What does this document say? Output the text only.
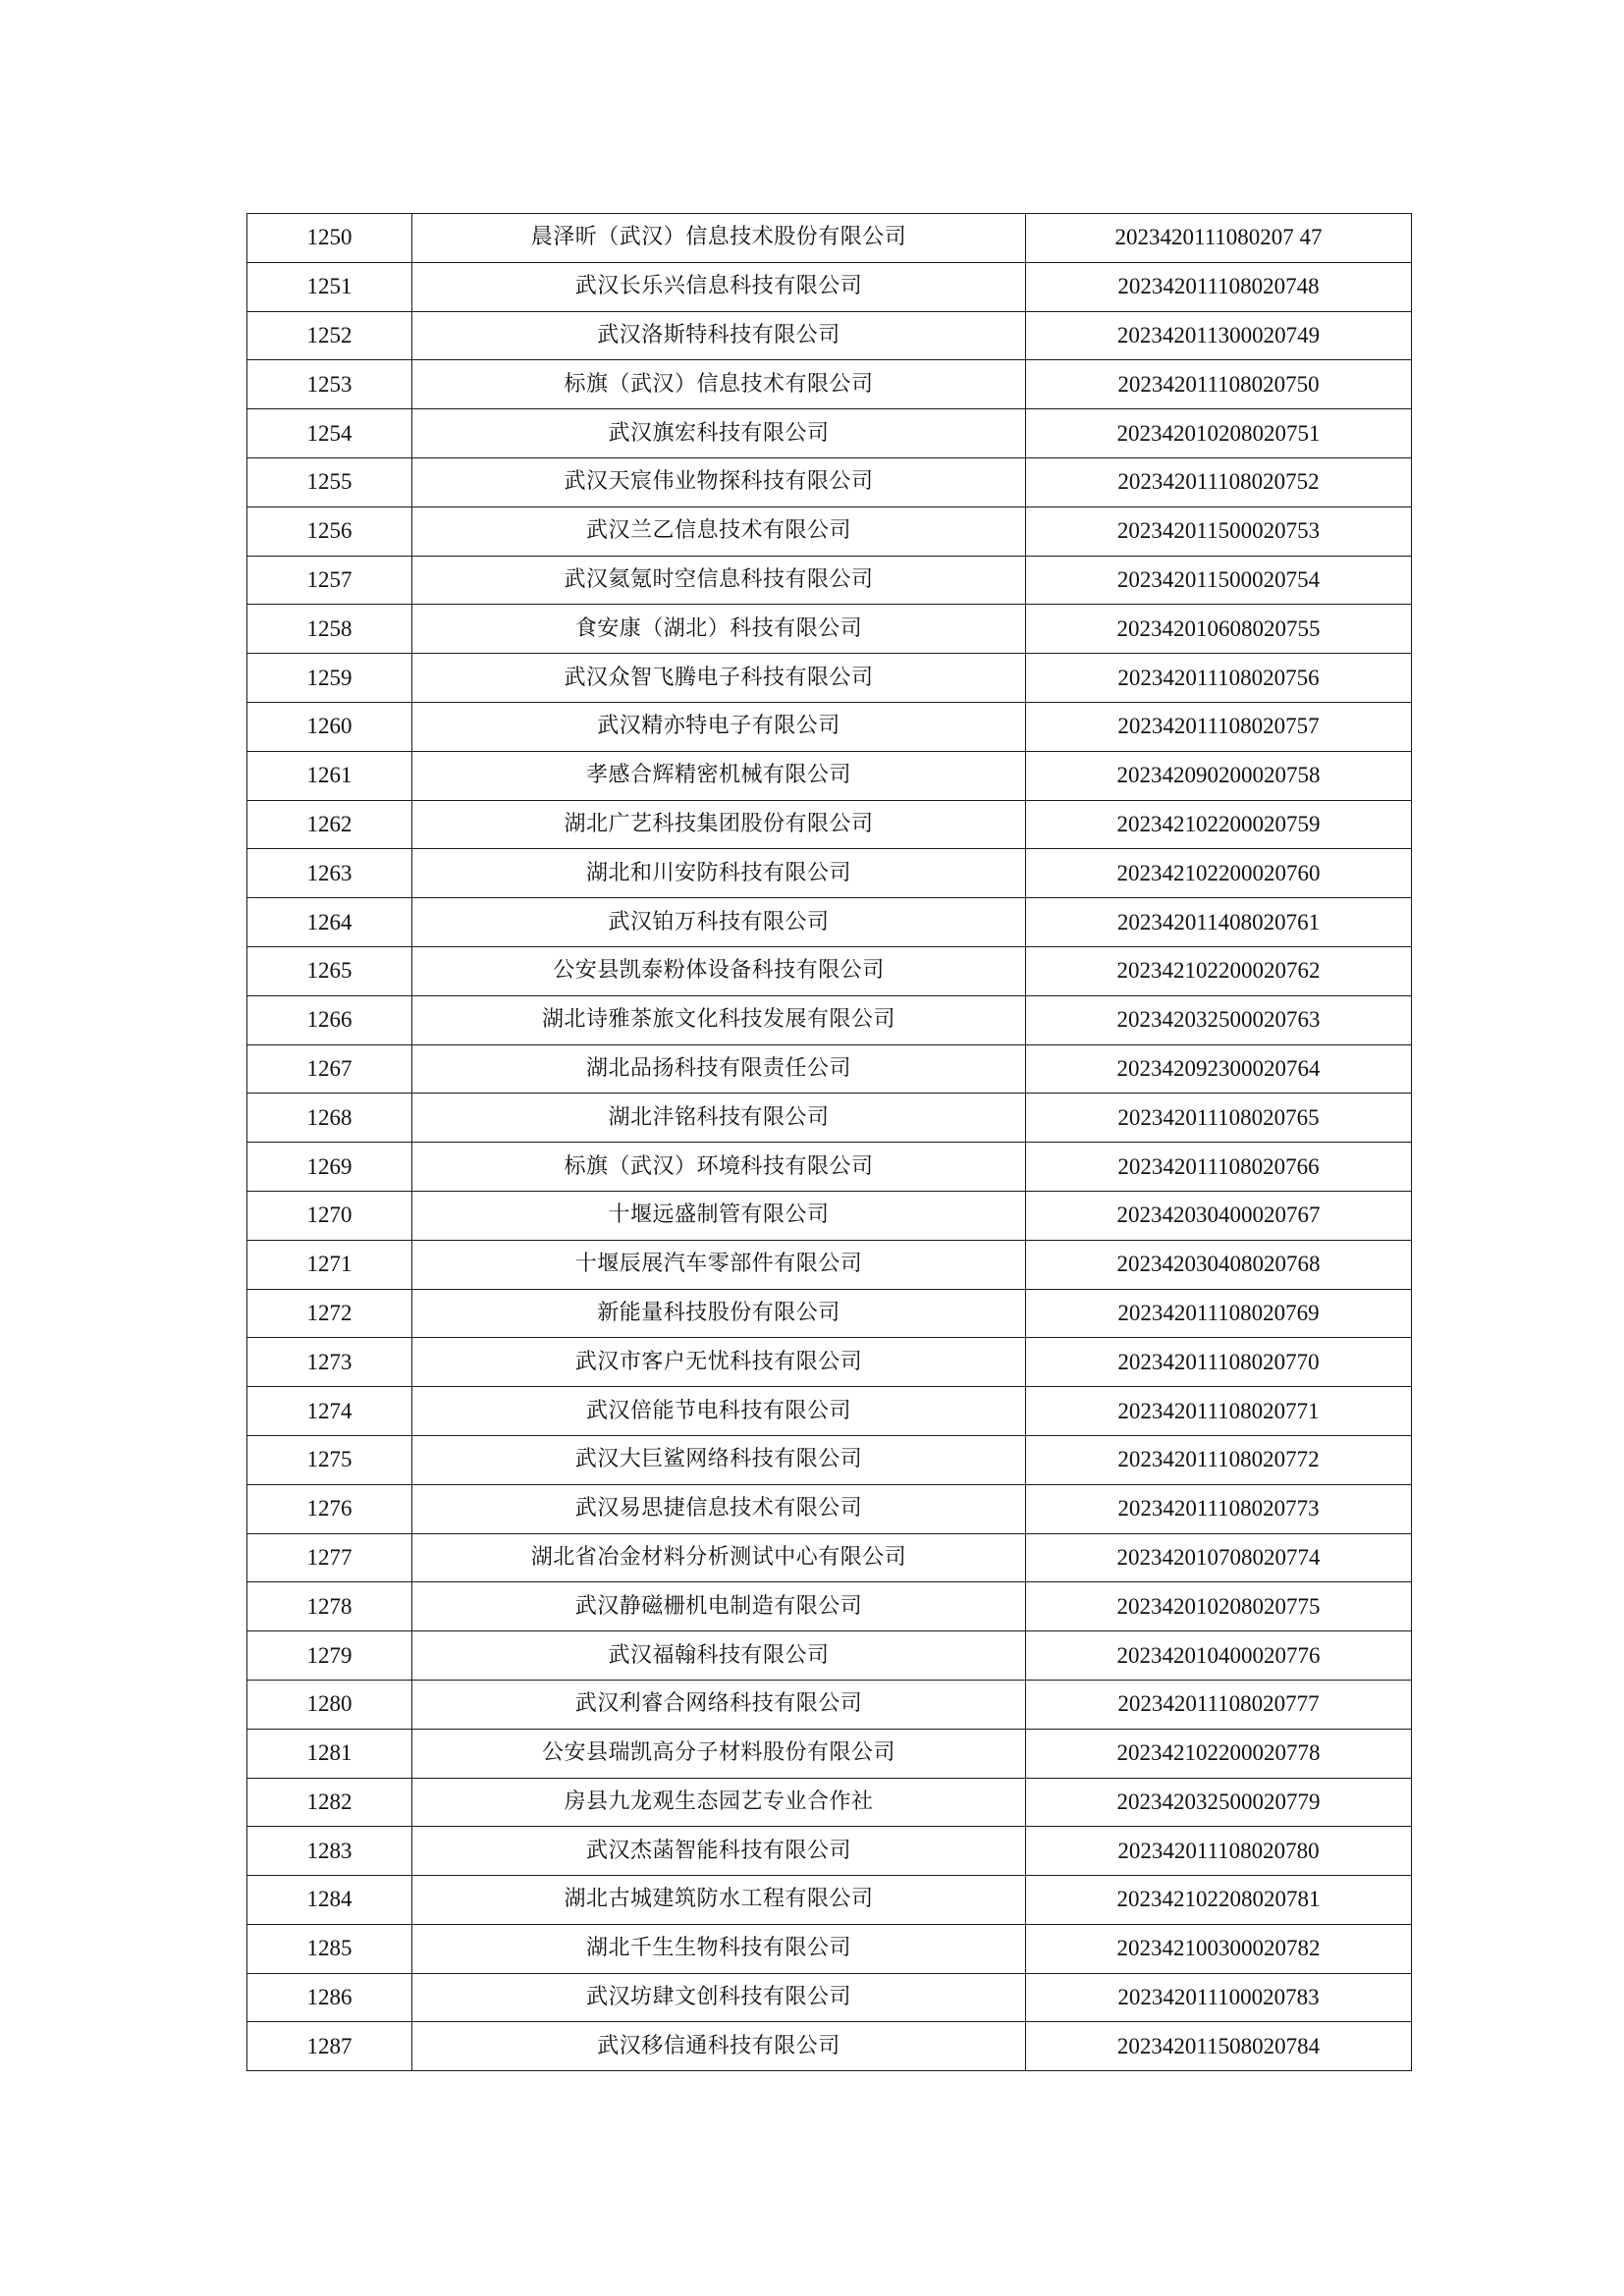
1250	晨泽昕（武汉）信息技术股份有限公司	2023420111080207 47
1251	武汉长乐兴信息科技有限公司	202342011108020748
1252	武汉洛斯特科技有限公司	202342011300020749
1253	标旗（武汉）信息技术有限公司	202342011108020750
1254	武汉旗宏科技有限公司	202342010208020751
1255	武汉天宸伟业物探科技有限公司	202342011108020752
1256	武汉兰乙信息技术有限公司	202342011500020753
1257	武汉氦氪时空信息科技有限公司	202342011500020754
1258	食安康（湖北）科技有限公司	202342010608020755
1259	武汉众智飞腾电子科技有限公司	202342011108020756
1260	武汉精亦特电子有限公司	202342011108020757
1261	孝感合辉精密机械有限公司	202342090200020758
1262	湖北广艺科技集团股份有限公司	202342102200020759
1263	湖北和川安防科技有限公司	202342102200020760
1264	武汉铂万科技有限公司	202342011408020761
1265	公安县凯泰粉体设备科技有限公司	202342102200020762
1266	湖北诗雅茶旅文化科技发展有限公司	202342032500020763
1267	湖北品扬科技有限责任公司	202342092300020764
1268	湖北沣铭科技有限公司	202342011108020765
1269	标旗（武汉）环境科技有限公司	202342011108020766
1270	十堰远盛制管有限公司	202342030400020767
1271	十堰辰展汽车零部件有限公司	202342030408020768
1272	新能量科技股份有限公司	202342011108020769
1273	武汉市客户无忧科技有限公司	202342011108020770
1274	武汉倍能节电科技有限公司	202342011108020771
1275	武汉大巨鲨网络科技有限公司	202342011108020772
1276	武汉易思捷信息技术有限公司	202342011108020773
1277	湖北省冶金材料分析测试中心有限公司	202342010708020774
1278	武汉静磁栅机电制造有限公司	202342010208020775
1279	武汉福翰科技有限公司	202342010400020776
1280	武汉利睿合网络科技有限公司	202342011108020777
1281	公安县瑞凯高分子材料股份有限公司	202342102200020778
1282	房县九龙观生态园艺专业合作社	202342032500020779
1283	武汉杰菡智能科技有限公司	202342011108020780
1284	湖北古城建筑防水工程有限公司	202342102208020781
1285	湖北千生生物科技有限公司	202342100300020782
1286	武汉坊肆文创科技有限公司	202342011100020783
1287	武汉移信通科技有限公司	202342011508020784
